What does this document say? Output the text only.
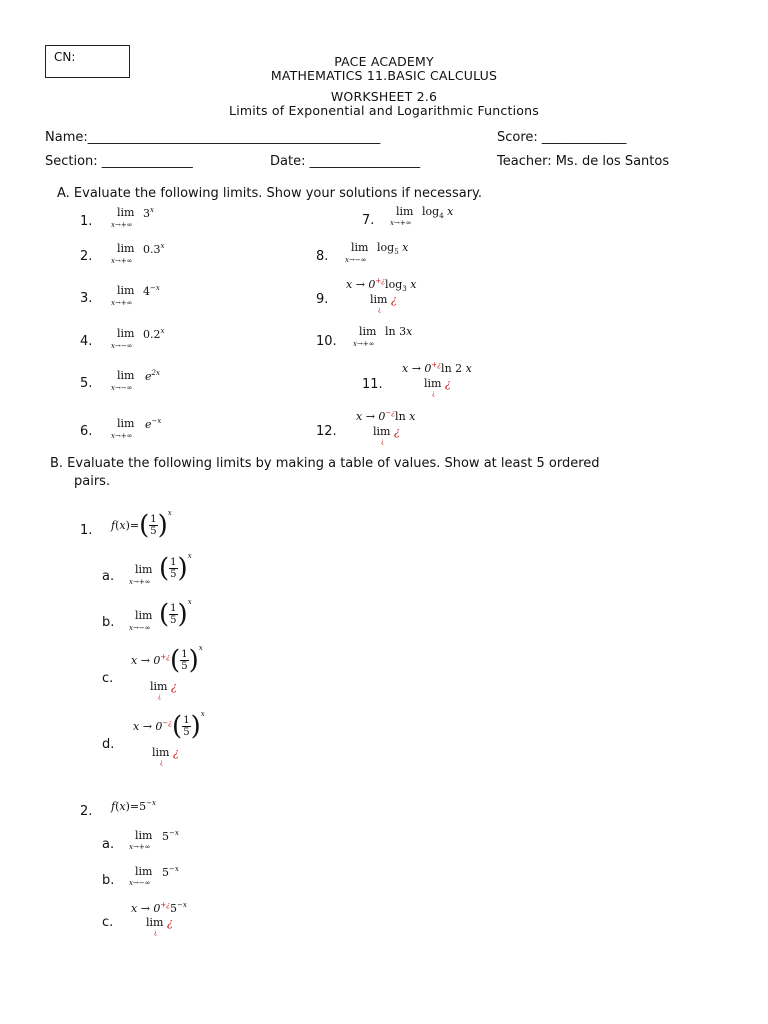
CN:	PACE ACADEMY
MATHEMATICS 11.BASIC CALCULUS
WORKSHEET 2.6
Limits of Exponential and Logarithmic Functions
Name:_____________________________________________	Score: _____________
Section: ______________	Date: _________________	Teacher: Ms. de los Santos
A. Evaluate the following limits. Show your solutions if necessary.
1.
lim
x→+∞
3$^x$
2.
lim
x→+∞
0.3$^x$
3.
lim
x→+∞
$4^{-x}$
4.
lim
x→−∞
0.2$^x$
5.
lim
x→−∞
$e^{2x}$
6.
lim
x→+∞
$e^{-x}$
7.
lim
x→+∞
$\log_4 x$
8.
lim
x→−∞
$\log_5 x$
9.
$x \to 0^{+¿}\log_3$ x
lim ¿
¿
10.
lim
x→+∞
ln 3x
11.
x → 0+¿ln 2 x
lim ¿
¿
12.
x → 0−¿ln x
lim ¿
¿
B. Evaluate the following limits by making a table of values. Show at least 5 ordered
pairs.
1. $f(x)=( \frac{1}{5} )^x$
a. lim
x→+∞ ( $\frac{1}{5} )^x$
b. lim
x→−∞ ( $\frac{1}{5} )^x$
c.
$x \to 0^{+¿}( \frac{1}{5} )^x$
lim ¿
¿
d.
$x \to 0^{-¿}( \frac{1}{5} )^x$
lim ¿
¿
2. $f(x)=5^{-x}$
a.
lim
x→+∞
$5^{-x}$
b.
lim
x→−∞
$5^{-x}$
c.
$x \to 0^{+¿}5^{-x}$
lim ¿
¿
